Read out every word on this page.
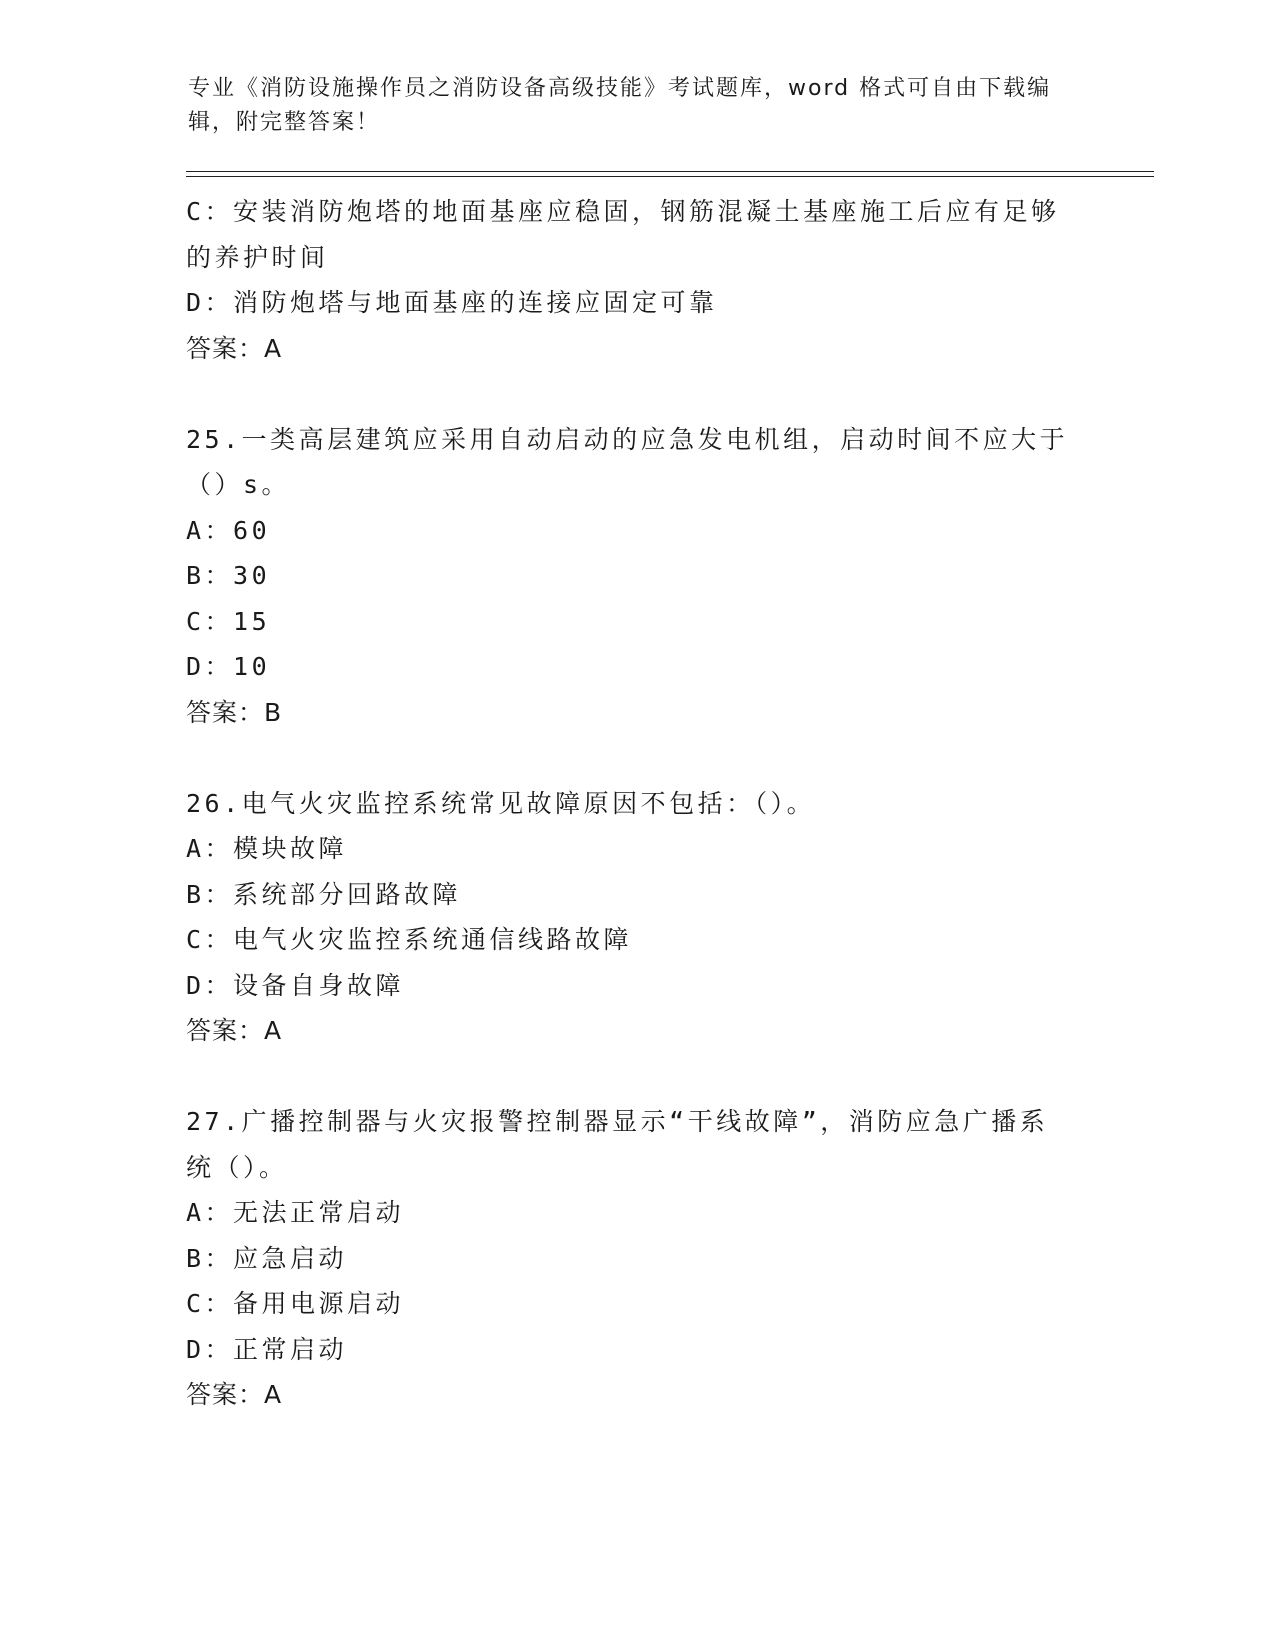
专业《消防设施操作员之消防设备高级技能》考试题库，word 格式可自由下载编
辑，附完整答案！
C：安装消防炮塔的地面基座应稳固，钢筋混凝土基座施工后应有足够
的养护时间
D：消防炮塔与地面基座的连接应固定可靠
答案：A
25.一类高层建筑应采用自动启动的应急发电机组，启动时间不应大于
（）s。
A：60
B：30
C：15
D：10
答案：B
26.电气火灾监控系统常见故障原因不包括：（）。
A：模块故障
B：系统部分回路故障
C：电气火灾监控系统通信线路故障
D：设备自身故障
答案：A
27.广播控制器与火灾报警控制器显示“干线故障”，消防应急广播系
统（）。
A：无法正常启动
B：应急启动
C：备用电源启动
D：正常启动
答案：A
